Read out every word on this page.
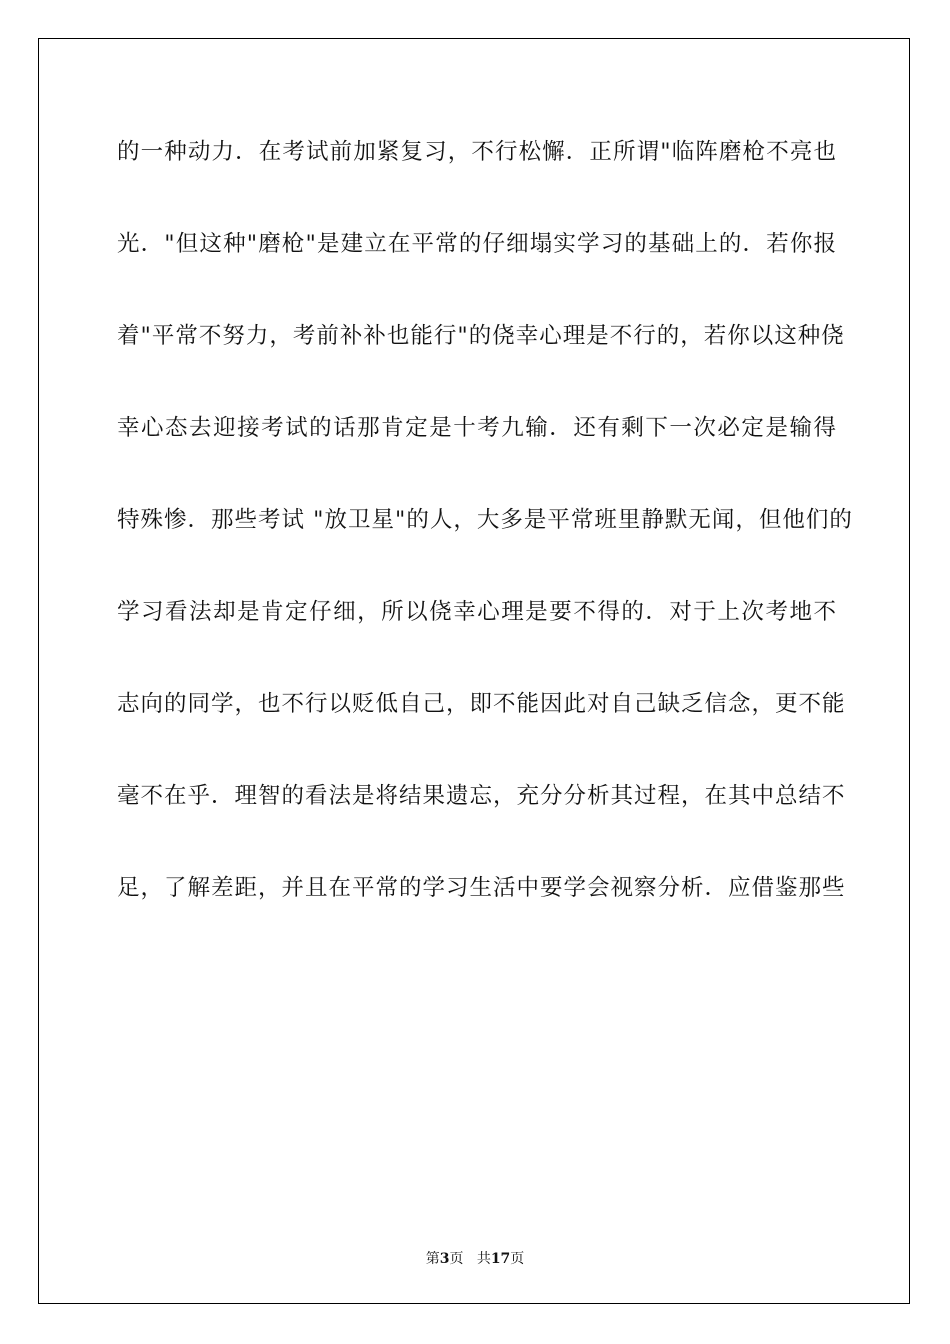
的一种动力．在考试前加紧复习，不行松懈．正所谓"临阵磨枪不亮也
光．"但这种"磨枪"是建立在平常的仔细塌实学习的基础上的．若你报
着"平常不努力，考前补补也能行"的侥幸心理是不行的，若你以这种侥
幸心态去迎接考试的话那肯定是十考九输．还有剩下一次必定是输得
特殊惨．那些考试 "放卫星"的人，大多是平常班里静默无闻，但他们的
学习看法却是肯定仔细，所以侥幸心理是要不得的．对于上次考地不
志向的同学，也不行以贬低自己，即不能因此对自己缺乏信念，更不能
毫不在乎．理智的看法是将结果遗忘，充分分析其过程，在其中总结不
足，了解差距，并且在平常的学习生活中要学会视察分析．应借鉴那些
第3页 共17页
